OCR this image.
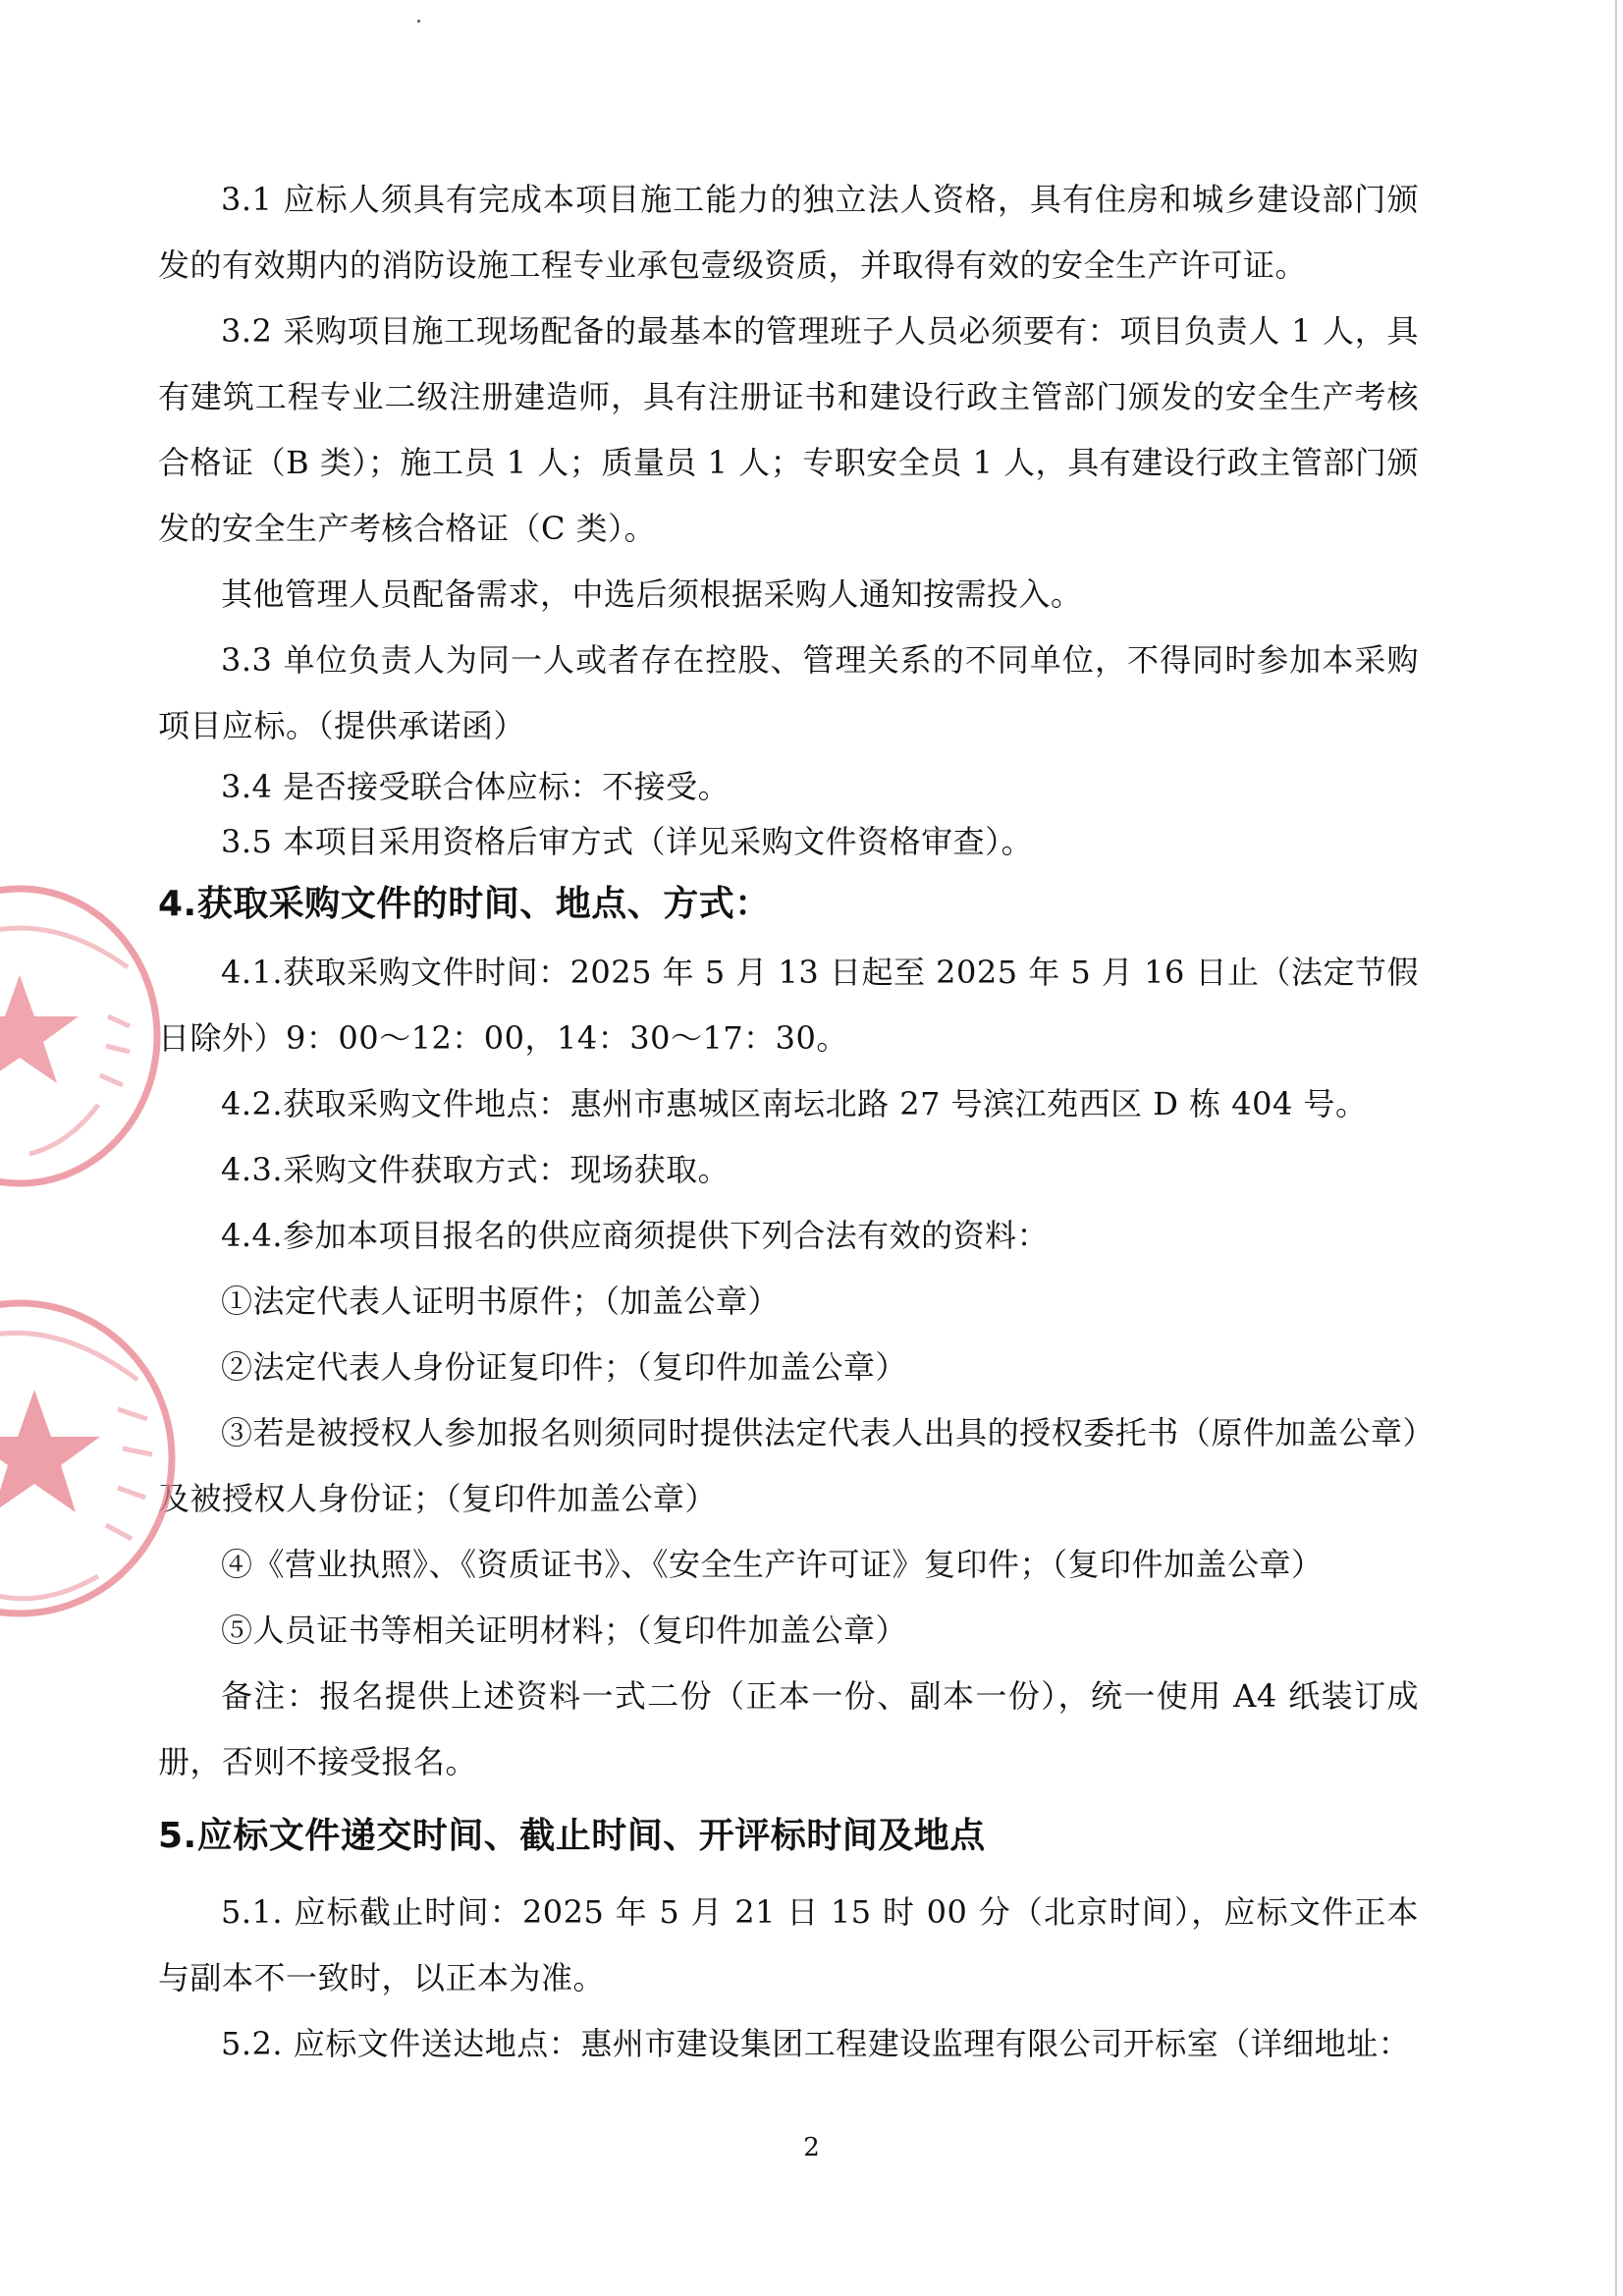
3.1 应标人须具有完成本项目施工能力的独立法人资格，具有住房和城乡建设部门颁发的有效期内的消防设施工程专业承包壹级资质，并取得有效的安全生产许可证。

3.2 采购项目施工现场配备的最基本的管理班子人员必须要有：项目负责人 1 人，具有建筑工程专业二级注册建造师，具有注册证书和建设行政主管部门颁发的安全生产考核合格证（B 类）；施工员 1 人；质量员 1 人；专职安全员 1 人，具有建设行政主管部门颁发的安全生产考核合格证（C 类）。

其他管理人员配备需求，中选后须根据采购人通知按需投入。

3.3 单位负责人为同一人或者存在控股、管理关系的不同单位，不得同时参加本采购项目应标。（提供承诺函）

3.4 是否接受联合体应标：不接受。

3.5 本项目采用资格后审方式（详见采购文件资格审查）。

4.获取采购文件的时间、地点、方式：

4.1.获取采购文件时间：2025 年 5 月 13 日起至 2025 年 5 月 16 日止（法定节假日除外）9：00～12：00，14：30～17：30。

4.2.获取采购文件地点：惠州市惠城区南坛北路 27 号滨江苑西区 D 栋 404 号。

4.3.采购文件获取方式：现场获取。

4.4.参加本项目报名的供应商须提供下列合法有效的资料：

①法定代表人证明书原件；（加盖公章）

②法定代表人身份证复印件；（复印件加盖公章）

③若是被授权人参加报名则须同时提供法定代表人出具的授权委托书（原件加盖公章）及被授权人身份证；（复印件加盖公章）

④《营业执照》、《资质证书》、《安全生产许可证》复印件；（复印件加盖公章）

⑤人员证书等相关证明材料；（复印件加盖公章）

备注：报名提供上述资料一式二份（正本一份、副本一份），统一使用 A4 纸装订成册，否则不接受报名。

5.应标文件递交时间、截止时间、开评标时间及地点

5.1. 应标截止时间：2025 年 5 月 21 日 15 时 00 分（北京时间），应标文件正本与副本不一致时，以正本为准。

5.2. 应标文件送达地点：惠州市建设集团工程建设监理有限公司开标室（详细地址：

2
